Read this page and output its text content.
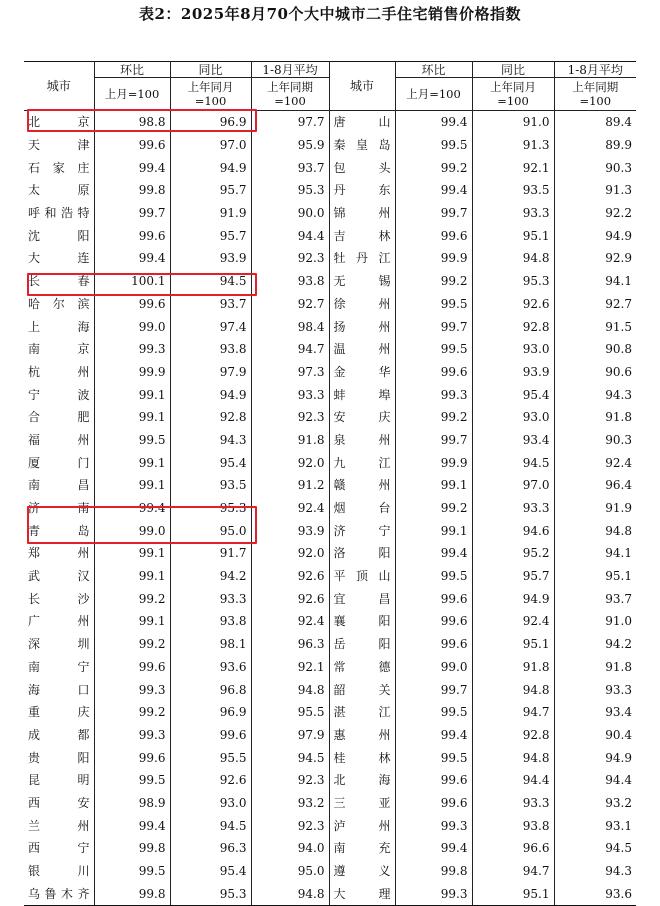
表2：2025年8月70个大中城市二手住宅销售价格指数
城市	环比	同比	1-8月平均	城市	环比	同比	1-8月平均
	上月=100	上年同月=100	上年同期=100		上月=100	上年同月=100	上年同期=100
北京	98.8	96.9	97.7	唐山	99.4	91.0	89.4
天津	99.6	97.0	95.9	秦皇岛	99.5	91.3	89.9
石家庄	99.4	94.9	93.7	包头	99.2	92.1	90.3
太原	99.8	95.7	95.3	丹东	99.4	93.5	91.3
呼和浩特	99.7	91.9	90.0	锦州	99.7	93.3	92.2
沈阳	99.6	95.7	94.4	吉林	99.6	95.1	94.9
大连	99.4	93.9	92.3	牡丹江	99.9	94.8	92.9
长春	100.1	94.5	93.8	无锡	99.2	95.3	94.1
哈尔滨	99.6	93.7	92.7	徐州	99.5	92.6	92.7
上海	99.0	97.4	98.4	扬州	99.7	92.8	91.5
南京	99.3	93.8	94.7	温州	99.5	93.0	90.8
杭州	99.9	97.9	97.3	金华	99.6	93.9	90.6
宁波	99.1	94.9	93.3	蚌埠	99.3	95.4	94.3
合肥	99.1	92.8	92.3	安庆	99.2	93.0	91.8
福州	99.5	94.3	91.8	泉州	99.7	93.4	90.3
厦门	99.1	95.4	92.0	九江	99.9	94.5	92.4
南昌	99.1	93.5	91.2	赣州	99.1	97.0	96.4
济南	99.4	95.3	92.4	烟台	99.2	93.3	91.9
青岛	99.0	95.0	93.9	济宁	99.1	94.6	94.8
郑州	99.1	91.7	92.0	洛阳	99.4	95.2	94.1
武汉	99.1	94.2	92.6	平顶山	99.5	95.7	95.1
长沙	99.2	93.3	92.6	宜昌	99.6	94.9	93.7
广州	99.1	93.8	92.4	襄阳	99.6	92.4	91.0
深圳	99.2	98.1	96.3	岳阳	99.6	95.1	94.2
南宁	99.6	93.6	92.1	常德	99.0	91.8	91.8
海口	99.3	96.8	94.8	韶关	99.7	94.8	93.3
重庆	99.2	96.9	95.5	湛江	99.5	94.7	93.4
成都	99.3	99.6	97.9	惠州	99.4	92.8	90.4
贵阳	99.6	95.5	94.5	桂林	99.5	94.8	94.9
昆明	99.5	92.6	92.3	北海	99.6	94.4	94.4
西安	98.9	93.0	93.2	三亚	99.6	93.3	93.2
兰州	99.4	94.5	92.3	泸州	99.3	93.8	93.1
西宁	99.8	96.3	94.0	南充	99.4	96.6	94.5
银川	99.5	95.4	95.0	遵义	99.8	94.7	94.3
乌鲁木齐	99.8	95.3	94.8	大理	99.3	95.1	93.6
